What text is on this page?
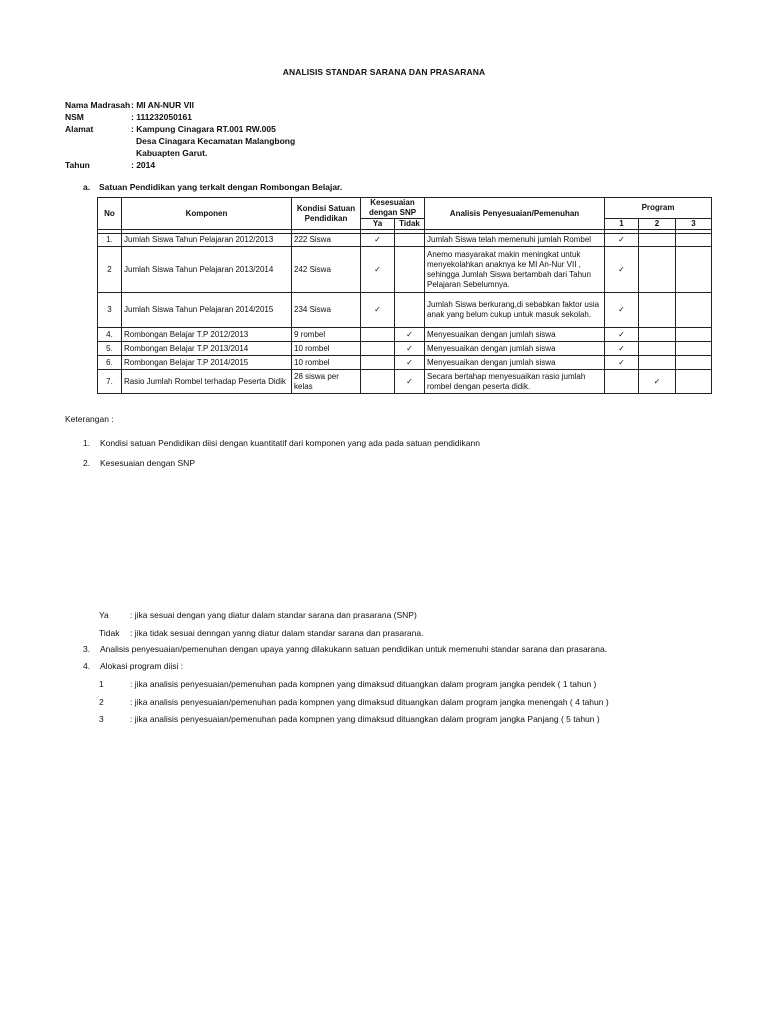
ANALISIS STANDAR SARANA DAN PRASARANA
Nama Madrasah : MI AN-NUR VII
NSM	: 111232050161
Alamat	: Kampung Cinagara RT.001 RW.005
Desa Cinagara Kecamatan Malangbong
Kabuapten Garut.
Tahun	: 2014
a. Satuan Pendidikan yang terkait dengan Rombongan Belajar.
No	Komponen	Kondisi Satuan Pendidikan	Kesesuaian dengan SNP		Analisis Penyesuaian/Pemenuhan	Program		
			Ya	Tidak		1	2	3

1.	Jumlah Siswa Tahun Pelajaran 2012/2013	222 Siswa	✓		Jumlah Siswa telah memenuhi jumlah Rombel	✓		
2	Jumlah Siswa Tahun Pelajaran 2013/2014	242 Siswa	✓		Anemo masyarakat makin meningkat untuk menyekolahkan anaknya ke MI An-Nur VII , sehingga Jumlah Siswa bertambah dari Tahun Pelajaran Sebelumnya.	✓		
3	Jumlah Siswa Tahun Pelajaran 2014/2015	234 Siswa	✓		Jumlah Siswa berkurang,di sebabkan faktor usia anak yang belum cukup untuk masuk sekolah.	✓		
4.	Rombongan Belajar T.P 2012/2013	9 rombel		✓	Menyesuaikan dengan jumlah siswa	✓		
5.	Rombongan Belajar T.P 2013/2014	10 rombel		✓	Menyesuaikan dengan jumlah siswa	✓		
6.	Rombongan Belajar T.P 2014/2015	10 rombel		✓	Menyesuaikan dengan jumlah siswa	✓		
7.	Rasio Jumlah Rombel terhadap Peserta Didik	28 siswa per kelas		✓	Secara bertahap menyesuaikan rasio jumlah rombel dengan peserta didik.		✓	
Keterangan :
1. Kondisi satuan Pendidikan diisi dengan kuantitatif dari komponen yang ada pada satuan pendidikann
2. Kesesuaian dengan SNP
Ya : jika sesuai dengan yang diatur dalam standar sarana dan prasarana (SNP)
Tidak : jika tidak sesuai denngan yanng diatur dalam standar sarana dan prasarana.
3. Analisis penyesuaian/pemenuhan dengan upaya yanng dilakukann satuan pendidikan untuk memenuhi standar sarana dan prasarana.
4. Alokasi program diisi :
1	: jika analisis penyesuaian/pemenuhan pada kompnen yang dimaksud dituangkan dalam program jangka pendek ( 1 tahun )
2	: jika analisis penyesuaian/pemenuhan pada kompnen yang dimaksud dituangkan dalam program jangka menengah ( 4 tahun )
3	: jika analisis penyesuaian/pemenuhan pada kompnen yang dimaksud dituangkan dalam program jangka Panjang ( 5 tahun )
